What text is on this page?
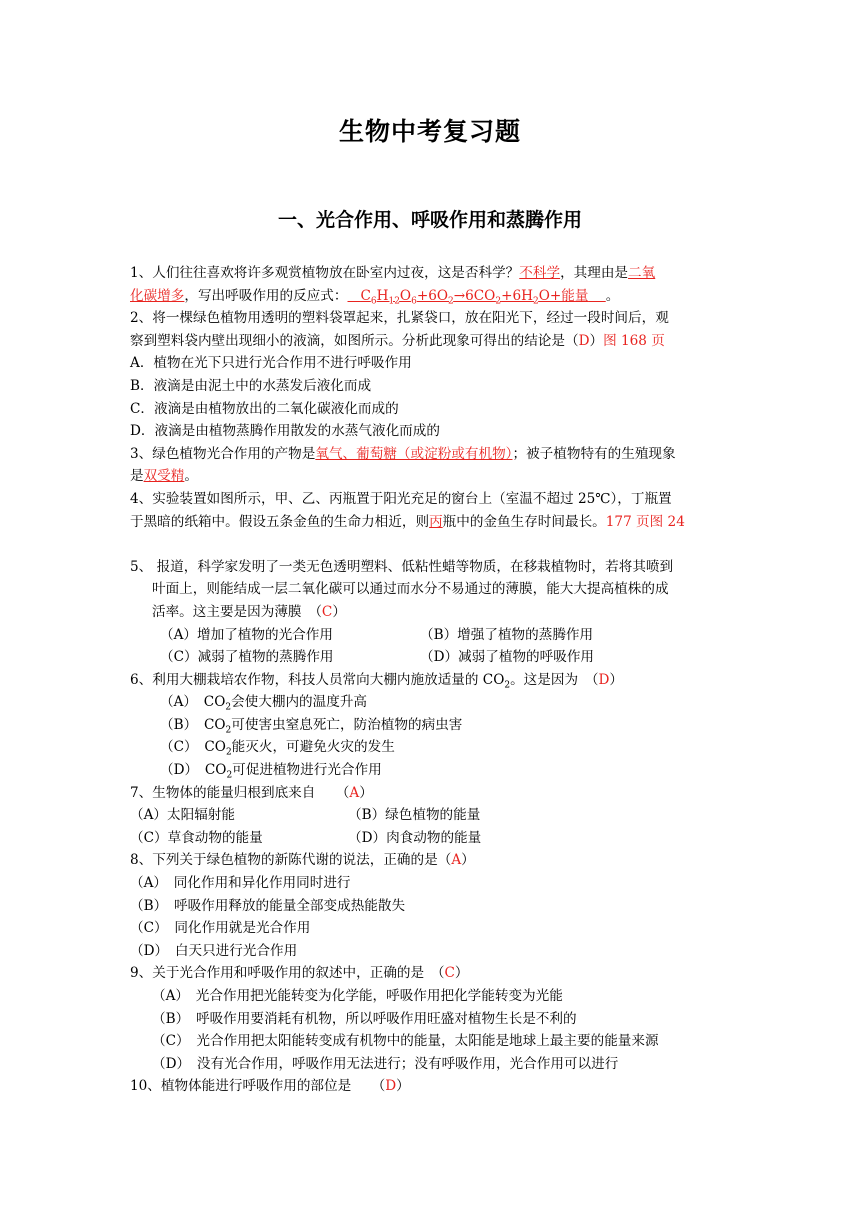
生物中考复习题
一、光合作用、呼吸作用和蒸腾作用
1、人们往往喜欢将许多观赏植物放在卧室内过夜，这是否科学？不科学，其理由是二氧
化碳增多，写出呼吸作用的反应式： $C_6H_{12}O_6+6O_2\to 6CO_2+6H_2O+$能量 。
2、将一棵绿色植物用透明的塑料袋罩起来，扎紧袋口，放在阳光下，经过一段时间后，观
察到塑料袋内壁出现细小的液滴，如图所示。分析此现象可得出的结论是（D）图 168 页
A．植物在光下只进行光合作用不进行呼吸作用
B．液滴是由泥土中的水蒸发后液化而成
C．液滴是由植物放出的二氧化碳液化而成的
D．液滴是由植物蒸腾作用散发的水蒸气液化而成的
3、绿色植物光合作用的产物是氧气、葡萄糖（或淀粉或有机物）；被子植物特有的生殖现象
是双受精。
4、实验装置如图所示，甲、乙、丙瓶置于阳光充足的窗台上（室温不超过 25℃），丁瓶置
于黑暗的纸箱中。假设五条金鱼的生命力相近，则丙瓶中的金鱼生存时间最长。177 页图 24
5、 报道，科学家发明了一类无色透明塑料、低粘性蜡等物质，在移栽植物时，若将其喷到
叶面上，则能结成一层二氧化碳可以通过而水分不易通过的薄膜，能大大提高植株的成
活率。这主要是因为薄膜　（C）
（A）增加了植物的光合作用	（B）增强了植物的蒸腾作用
（C）减弱了植物的蒸腾作用	（D）减弱了植物的呼吸作用
6、利用大棚栽培农作物，科技人员常向大棚内施放适量的 $CO_2$。这是因为　（D）
（A）　$CO_2$会使大棚内的温度升高
（B）　$CO_2$可使害虫窒息死亡，防治植物的病虫害
（C）　$CO_2$能灭火，可避免火灾的发生
（D）　$CO_2$可促进植物进行光合作用
7、生物体的能量归根到底来自　　（A）
（A）太阳辐射能	（B）绿色植物的能量
（C）草食动物的能量	（D）肉食动物的能量
8、下列关于绿色植物的新陈代谢的说法，正确的是（A）
（A）　同化作用和异化作用同时进行
（B）　呼吸作用释放的能量全部变成热能散失
（C）　同化作用就是光合作用
（D）　白天只进行光合作用
9、关于光合作用和呼吸作用的叙述中，正确的是　（C）
（A）　光合作用把光能转变为化学能，呼吸作用把化学能转变为光能
（B）　呼吸作用要消耗有机物，所以呼吸作用旺盛对植物生长是不利的
（C）　光合作用把太阳能转变成有机物中的能量，太阳能是地球上最主要的能量来源
（D）　没有光合作用，呼吸作用无法进行；没有呼吸作用，光合作用可以进行
10、植物体能进行呼吸作用的部位是　　（D）
